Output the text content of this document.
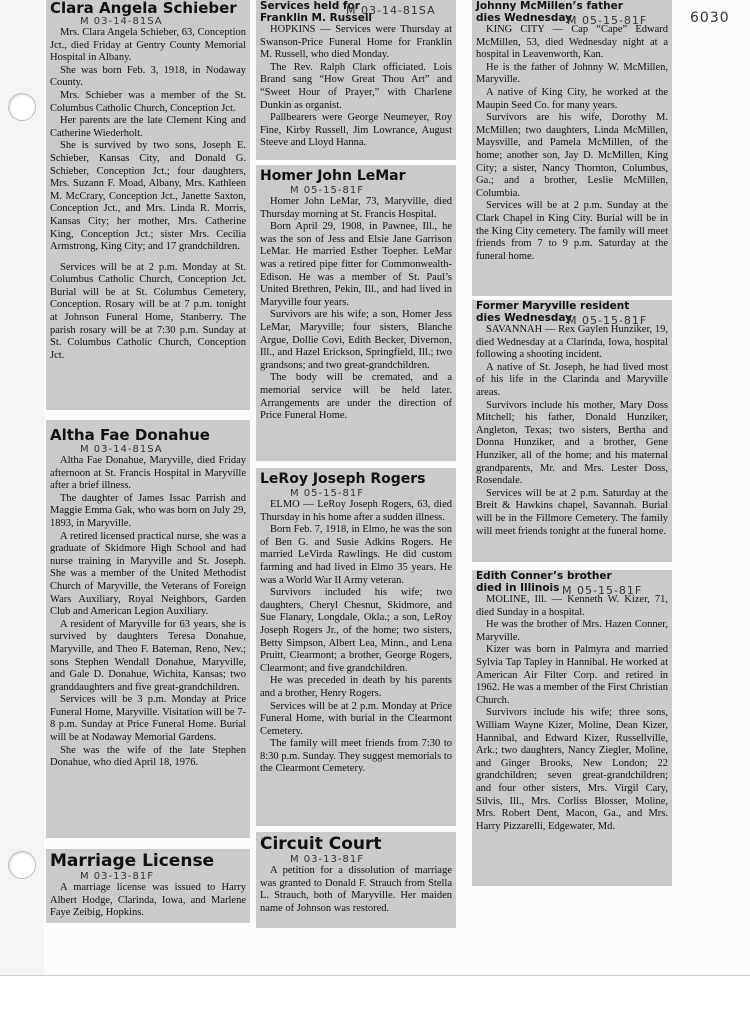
6030
Clara Angela Schieber
M 03-14-81SA

Mrs. Clara Angela Schieber, 63, Conception Jct., died Friday at Gentry County Memorial Hospital in Albany.

She was born Feb. 3, 1918, in Nodaway County.

Mrs. Schieber was a member of the St. Columbus Catholic Church, Conception Jct.

Her parents are the late Clement King and Catherine Wiederholt.

She is survived by two sons, Joseph E. Schieber, Kansas City, and Donald G. Schieber, Conception Jct.; four daughters, Mrs. Suzann F. Moad, Albany, Mrs. Kathleen M. McCrary, Conception Jct., Janette Saxton, Conception Jct., and Mrs. Linda R. Morris, Kansas City; her mother, Mrs. Catherine King, Conception Jct.; sister Mrs. Cecilia Armstrong, King City; and 17 grandchildren.

Services will be at 2 p.m. Monday at St. Columbus Catholic Church, Conception Jct. Burial will be at St. Columbus Cemetery, Conception. Rosary will be at 7 p.m. tonight at Johnson Funeral Home, Stanberry. The parish rosary will be at 7:30 p.m. Sunday at St. Columbus Catholic Church, Conception Jct.

Altha Fae Donahue
M 03-14-81SA

Altha Fae Donahue, Maryville, died Friday afternoon at St. Francis Hospital in Maryville after a brief illness.

The daughter of James Issac Parrish and Maggie Emma Gak, who was born on July 29, 1893, in Maryville.

A retired licensed practical nurse, she was a graduate of Skidmore High School and had nurse training in Maryville and St. Joseph. She was a member of the United Methodist Church of Maryville, the Veterans of Foreign Wars Auxiliary, Royal Neighbors, Garden Club and American Legion Auxiliary.

A resident of Maryville for 63 years, she is survived by daughters Teresa Donahue, Maryville, and Theo F. Bateman, Reno, Nev.; sons Stephen Wendall Donahue, Maryville, and Gale D. Donahue, Wichita, Kansas; two granddaughters and five great-grandchildren.

Services will be 3 p.m. Monday at Price Funeral Home, Maryville. Visitation will be 7-8 p.m. Sunday at Price Funeral Home. Burial will be at Nodaway Memorial Gardens.

She was the wife of the late Stephen Donahue, who died April 18, 1976.

Marriage License
M 03-13-81F

A marriage license was issued to Harry Albert Hodge, Clarinda, Iowa, and Marlene Faye Zeibig, Hopkins.

Services held for
Franklin M. Russell
M 03-14-81SA

HOPKINS — Services were Thursday at Swanson-Price Funeral Home for Franklin M. Russell, who died Monday.

The Rev. Ralph Clark officiated. Lois Brand sang “How Great Thou Art” and “Sweet Hour of Prayer,” with Charlene Dunkin as organist.

Pallbearers were George Neumeyer, Roy Fine, Kirby Russell, Jim Lowrance, August Steeve and Lloyd Hanna.

Homer John LeMar
M 05-15-81F

Homer John LeMar, 73, Maryville, died Thursday morning at St. Francis Hospital.

Born April 29, 1908, in Pawnee, Ill., he was the son of Jess and Elsie Jane Garrison LeMar. He married Esther Toepher. LeMar was a retired pipe fitter for Commonwealth-Edison. He was a member of St. Paul’s United Brethren, Pekin, Ill., and had lived in Maryville four years.

Survivors are his wife; a son, Homer Jess LeMar, Maryville; four sisters, Blanche Argue, Dollie Covi, Edith Becker, Divernon, Ill., and Hazel Erickson, Springfield, Ill.; two grandsons; and two great-grandchildren.

The body will be cremated, and a memorial service will be held later. Arrangements are under the direction of Price Funeral Home.

LeRoy Joseph Rogers
M 05-15-81F

ELMO — LeRoy Joseph Rogers, 63, died Thursday in his home after a sudden illness.

Born Feb. 7, 1918, in Elmo, he was the son of Ben G. and Susie Adkins Rogers. He married LeVirda Rawlings. He did custom farming and had lived in Elmo 35 years. He was a World War II Army veteran.

Survivors included his wife; two daughters, Cheryl Chesnut, Skidmore, and Sue Flanary, Longdale, Okla.; a son, LeRoy Joseph Rogers Jr., of the home; two sisters, Betty Simpson, Albert Lea, Minn., and Lena Pruitt, Clearmont; a brother, George Rogers, Clearmont; and five grandchildren.

He was preceded in death by his parents and a brother, Henry Rogers.

Services will be at 2 p.m. Monday at Price Funeral Home, with burial in the Clearmont Cemetery.

The family will meet friends from 7:30 to 8:30 p.m. Sunday. They suggest memorials to the Clearmont Cemetery.

Circuit Court
M 03-13-81F

A petition for a dissolution of marriage was granted to Donald F. Strauch from Stella L. Strauch, both of Maryville. Her maiden name of Johnson was restored.

Johnny McMillen’s father
dies Wednesday
M 05-15-81F

KING CITY — Cap “Cape” Edward McMillen, 53, died Wednesday night at a hospital in Leavenworth, Kan.

He is the father of Johnny W. McMillen, Maryville.

A native of King City, he worked at the Maupin Seed Co. for many years.

Survivors are his wife, Dorothy M. McMillen; two daughters, Linda McMillen, Maysville, and Pamela McMillen, of the home; another son, Jay D. McMillen, King City; a sister, Nancy Thornton, Columbus, Ga.; and a brother, Leslie McMillen, Columbia.

Services will be at 2 p.m. Sunday at the Clark Chapel in King City. Burial will be in the King City cemetery. The family will meet friends from 7 to 9 p.m. Saturday at the funeral home.

Former Maryville resident
dies Wednesday
M 05-15-81F

SAVANNAH — Rex Gaylen Hunziker, 19, died Wednesday at a Clarinda, Iowa, hospital following a shooting incident.

A native of St. Joseph, he had lived most of his life in the Clarinda and Maryville areas.

Survivors include his mother, Mary Doss Mitchell; his father, Donald Hunziker, Angleton, Texas; two sisters, Bertha and Donna Hunziker, and a brother, Gene Hunziker, all of the home; and his maternal grandparents, Mr. and Mrs. Lester Doss, Rosendale.

Services will be at 2 p.m. Saturday at the Breit & Hawkins chapel, Savannah. Burial will be in the Fillmore Cemetery. The family will meet friends tonight at the funeral home.

Edith Conner’s brother
died in Illinois M 05-15-81F

MOLINE, Ill. — Kenneth W. Kizer, 71, died Sunday in a hospital.

He was the brother of Mrs. Hazen Conner, Maryville.

Kizer was born in Palmyra and married Sylvia Tap Tapley in Hannibal. He worked at American Air Filter Corp. and retired in 1962. He was a member of the First Christian Church.

Survivors include his wife; three sons, William Wayne Kizer, Moline, Dean Kizer, Hannibal, and Edward Kizer, Russellville, Ark.; two daughters, Nancy Ziegler, Moline, and Ginger Brooks, New London; 22 grandchildren; seven great-grandchildren; and four other sisters, Mrs. Virgil Cary, Silvis, Ill., Mrs. Corliss Blosser, Moline, Mrs. Robert Dent, Macon, Ga., and Mrs. Harry Pizzarelli, Edgewater, Md.
